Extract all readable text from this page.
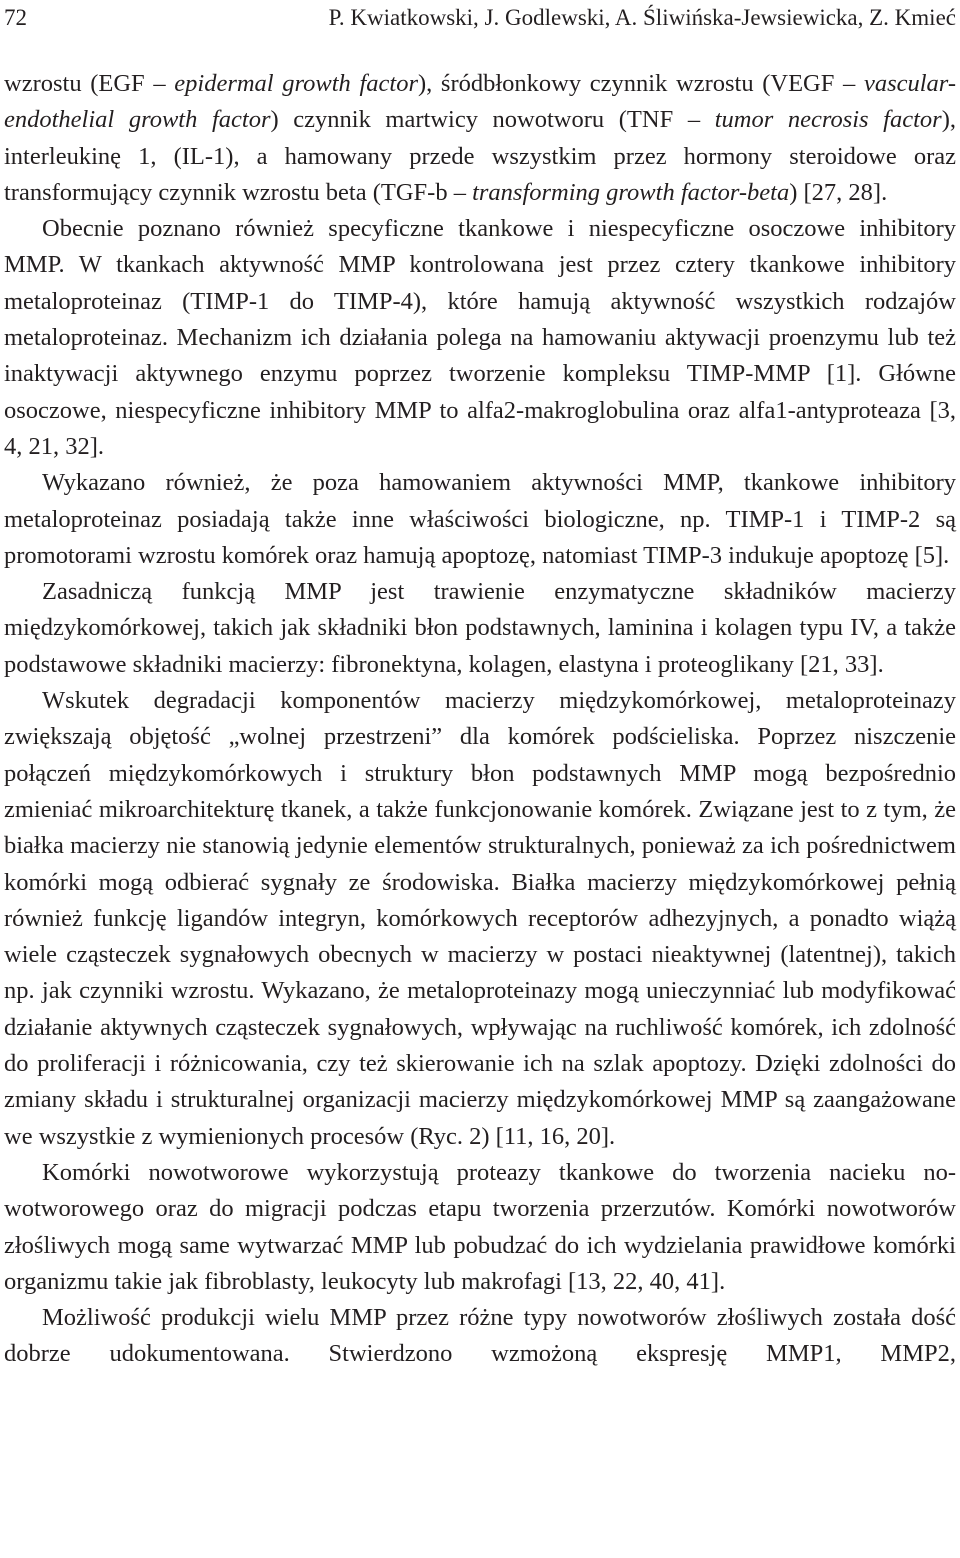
72	P. Kwiatkowski, J. Godlewski, A. Śliwińska-Jewsiewicka, Z. Kmieć

wzrostu (EGF – epidermal growth factor), śródbłonkowy czynnik wzrostu (VEGF – vascular-endothelial growth factor) czynnik martwicy nowotworu (TNF – tumor necrosis factor), interleukinę 1, (IL-1), a hamowany przede wszystkim przez hormony steroidowe oraz transformujący czynnik wzrostu beta (TGF-b – transforming growth factor-beta) [27, 28].

Obecnie poznano również specyficzne tkankowe i niespecyficzne osoczowe inhibitory MMP. W tkankach aktywność MMP kontrolowana jest przez cztery tkankowe inhibitory metaloproteinaz (TIMP-1 do TIMP-4), które hamują aktywność wszystkich rodzajów metaloproteinaz. Mechanizm ich działania polega na hamowaniu aktywacji proenzymu lub też inaktywacji aktywnego enzymu poprzez tworzenie kompleksu TIMP-MMP [1]. Główne osoczowe, niespecyficzne inhibitory MMP to alfa2-makroglobulina oraz alfa1-antyproteaza [3, 4, 21, 32].

Wykazano również, że poza hamowaniem aktywności MMP, tkankowe inhibitory metaloproteinaz posiadają także inne właściwości biologiczne, np. TIMP-1 i TIMP-2 są promotorami wzrostu komórek oraz hamują apoptozę, natomiast TIMP-3 indukuje apoptozę [5].

Zasadniczą funkcją MMP jest trawienie enzymatyczne składników macierzy międzykomórkowej, takich jak składniki błon podstawnych, laminina i kolagen typu IV, a także podstawowe składniki macierzy: fibronektyna, kolagen, elastyna i proteoglikany [21, 33].

Wskutek degradacji komponentów macierzy międzykomórkowej, metaloproteinazy zwiększają objętość „wolnej przestrzeni” dla komórek podścieliska. Poprzez niszczenie połączeń międzykomórkowych i struktury błon podstawnych MMP mogą bezpośrednio zmieniać mikroarchitekturę tkanek, a także funkcjonowanie komórek. Związane jest to z tym, że białka macierzy nie stanowią jedynie elementów strukturalnych, ponieważ za ich pośrednictwem komórki mogą odbierać sygnały ze środowiska. Białka macierzy międzykomórkowej pełnią również funkcję ligandów integryn, komórkowych receptorów adhezyjnych, a ponadto wiążą wiele cząsteczek sygnałowych obecnych w macierzy w postaci nieaktywnej (latentnej), takich np. jak czynniki wzrostu. Wykazano, że metaloproteinazy mogą unieczynniać lub modyfikować działanie aktywnych cząsteczek sygnałowych, wpływając na ruchliwość komórek, ich zdolność do proliferacji i różnicowania, czy też skierowanie ich na szlak apoptozy. Dzięki zdolności do zmiany składu i strukturalnej organizacji macierzy międzykomórkowej MMP są zaangażowane we wszystkie z wymienionych procesów (Ryc. 2) [11, 16, 20].

Komórki nowotworowe wykorzystują proteazy tkankowe do tworzenia nacieku nowotworowego oraz do migracji podczas etapu tworzenia przerzutów. Komórki nowotworów złośliwych mogą same wytwarzać MMP lub pobudzać do ich wydzielania prawidłowe komórki organizmu takie jak fibroblasty, leukocyty lub makrofagi [13, 22, 40, 41].

Możliwość produkcji wielu MMP przez różne typy nowotworów złośliwych została dość dobrze udokumentowana. Stwierdzono wzmożoną ekspresję MMP1, MMP2,
